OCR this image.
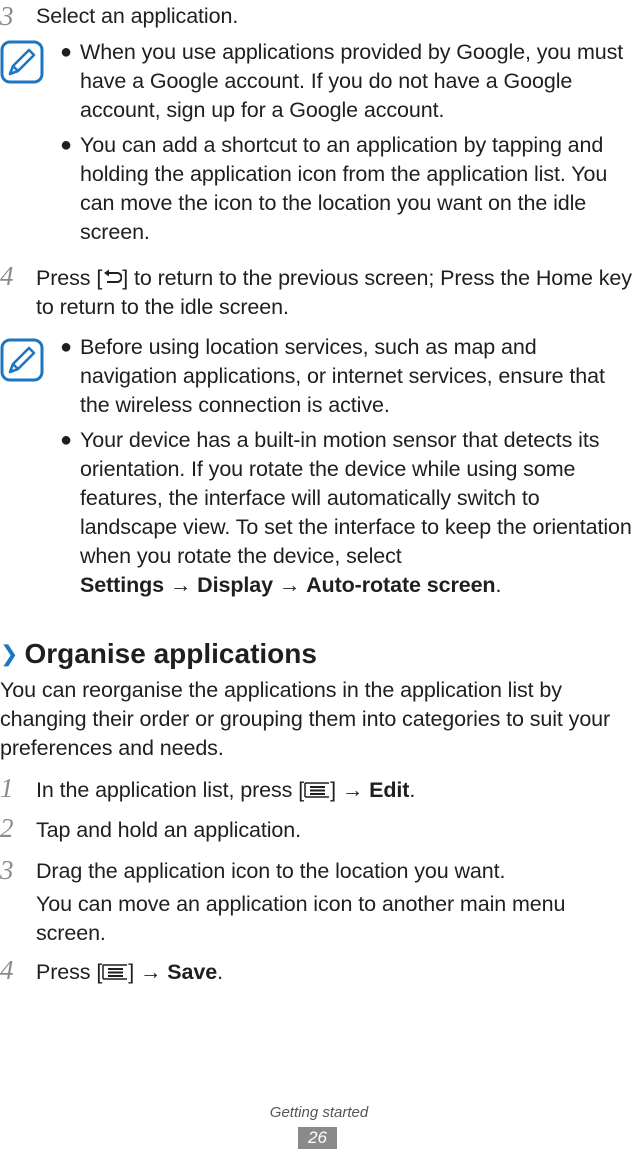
3	Select an application.
● When you use applications provided by Google, you must have a Google account. If you do not have a Google account, sign up for a Google account.
● You can add a shortcut to an application by tapping and holding the application icon from the application list. You can move the icon to the location you want on the idle screen.
4	Press [ ] to return to the previous screen; Press the Home key to return to the idle screen.
● Before using location services, such as map and navigation applications, or internet services, ensure that the wireless connection is active.
● Your device has a built-in motion sensor that detects its orientation. If you rotate the device while using some features, the interface will automatically switch to landscape view. To set the interface to keep the orientation when you rotate the device, select
Settings → Display → Auto-rotate screen.
❯ Organise applications
You can reorganise the applications in the application list by changing their order or grouping them into categories to suit your preferences and needs.
1	In the application list, press [ ] → Edit.
2	Tap and hold an application.
3	Drag the application icon to the location you want.
You can move an application icon to another main menu screen.
4	Press [ ] → Save.
Getting started
26
